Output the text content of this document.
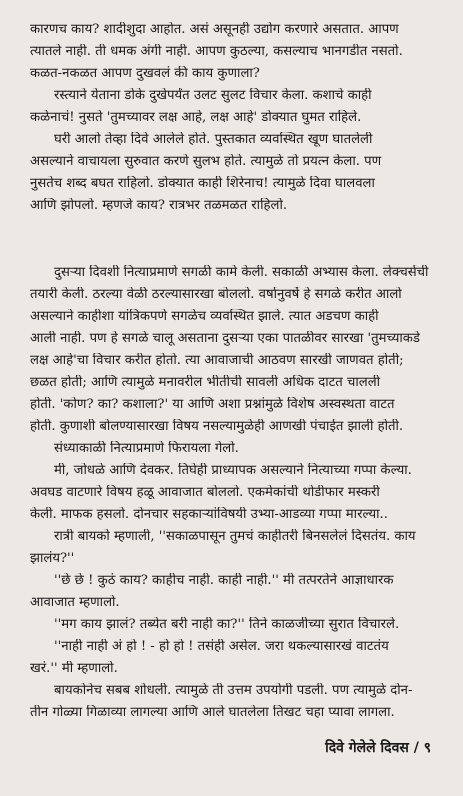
कारणच काय? शादीशुदा आहोत. असं असूनही उद्योग करणारे असतात. आपण
त्यातले नाही. ती धमक अंगी नाही. आपण कुठल्या, कसल्याच भानगडीत नसतो.
कळत-नकळत आपण दुखवलं की काय कुणाला?
रस्त्याने येताना डोके दुखेपर्यंत उलट सुलट विचार केला. कशाचे काही
कळेनाचं! नुसते 'तुमच्यावर लक्ष आहे, लक्ष आहे' डोक्यात घुमत राहिले.
घरी आलो तेव्हा दिवे आलेले होते. पुस्तकात व्यवस्थित खूण घातलेली
असल्याने वाचायला सुरुवात करणे सुलभ होते. त्यामुळे तो प्रयत्न केला. पण
नुसतेच शब्द बघत राहिलो. डोक्यात काही शिरेनाच! त्यामुळे दिवा घालवला
आणि झोपलो. म्हणजे काय? रात्रभर तळमळत राहिलो.
दुसऱ्या दिवशी नित्याप्रमाणे सगळी कामे केली. सकाळी अभ्यास केला. लेक्चर्सची
तयारी केली. ठरल्या वेळी ठरल्यासारखा बोललो. वर्षानुवर्षे हे सगळे करीत आलो
असल्याने काहीशा यांत्रिकपणे सगळेच व्यवस्थित झाले. त्यात अडचण काही
आली नाही. पण हे सगळे चालू असताना दुसऱ्या एका पातळीवर सारखा 'तुमच्याकडे
लक्ष आहे'चा विचार करीत होतो. त्या आवाजाची आठवण सारखी जाणवत होती;
छळत होती; आणि त्यामुळे मनावरील भीतीची सावली अधिक दाटत चालली
होती. 'कोण? का? कशाला?' या आणि अशा प्रश्नांमुळे विशेष अस्वस्थता वाटत
होती. कुणाशी बोलण्यासारखा विषय नसल्यामुळेही आणखी पंचाईत झाली होती.
संध्याकाळी नित्याप्रमाणे फिरायला गेलो.
मी, जोधळे आणि देवकर. तिघेही प्राध्यापक असल्याने नित्याच्या गप्पा केल्या.
अवघड वाटणारे विषय हळू आवाजात बोललो. एकमेकांची थोडीफार मस्करी
केली. माफक हसलो. दोनचार सहकाऱ्यांविषयी उभ्या-आडव्या गप्पा मारल्या..
रात्री बायको म्हणाली, ''सकाळपासून तुमचं काहीतरी बिनसलेलं दिसतंय. काय
झालंय?''
''छे छे ! कुठं काय? काहीच नाही. काही नाही.'' मी तत्परतेने आज्ञाधारक
आवाजात म्हणालो.
''मग काय झालं? तब्येत बरी नाही का?'' तिने काळजीच्या सुरात विचारले.
''नाही नाही अं हो ! - हो हो ! तसंही असेल. जरा थकल्यासारखं वाटतंय
खरं.'' मी म्हणालो.
बायकोनेच सबब शोधली. त्यामुळे ती उत्तम उपयोगी पडली. पण त्यामुळे दोन-
तीन गोळ्या गिळाव्या लागल्या आणि आले घातलेला तिखट चहा प्यावा लागला.
दिवे गेलेले दिवस / ९
